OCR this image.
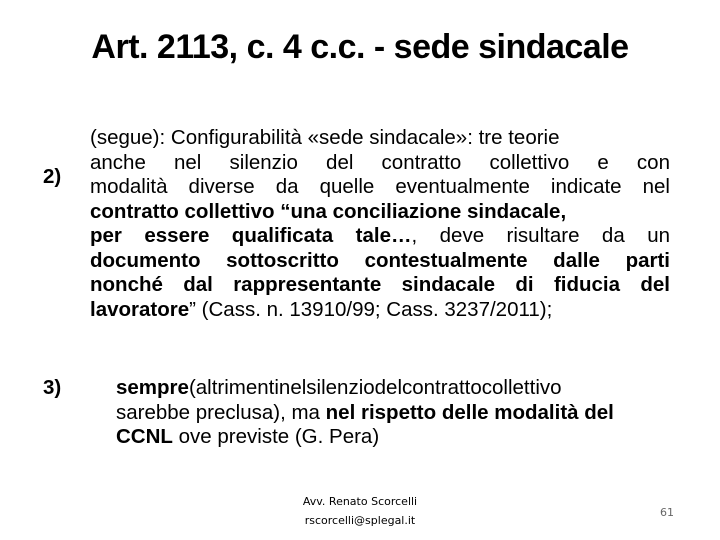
Art. 2113, c. 4 c.c. - sede sindacale
2)
(segue): Configurabilità «sede sindacale»: tre teorie
anche nel silenzio del contratto collettivo e con
modalità diverse da quelle eventualmente indicate nel
contratto collettivo “una conciliazione sindacale,
per essere qualificata tale…, deve risultare da un
documento sottoscritto contestualmente dalle parti
nonché dal rappresentante sindacale di fiducia del
lavoratore” (Cass. n. 13910/99; Cass. 3237/2011);
3)	sempre(altrimentinelsilenziodelcontrattocollettivo
sarebbe preclusa), ma nel rispetto delle modalità del
CCNL ove previste (G. Pera)
Avv. Renato Scorcelli
rscorcelli@splegal.it
61
